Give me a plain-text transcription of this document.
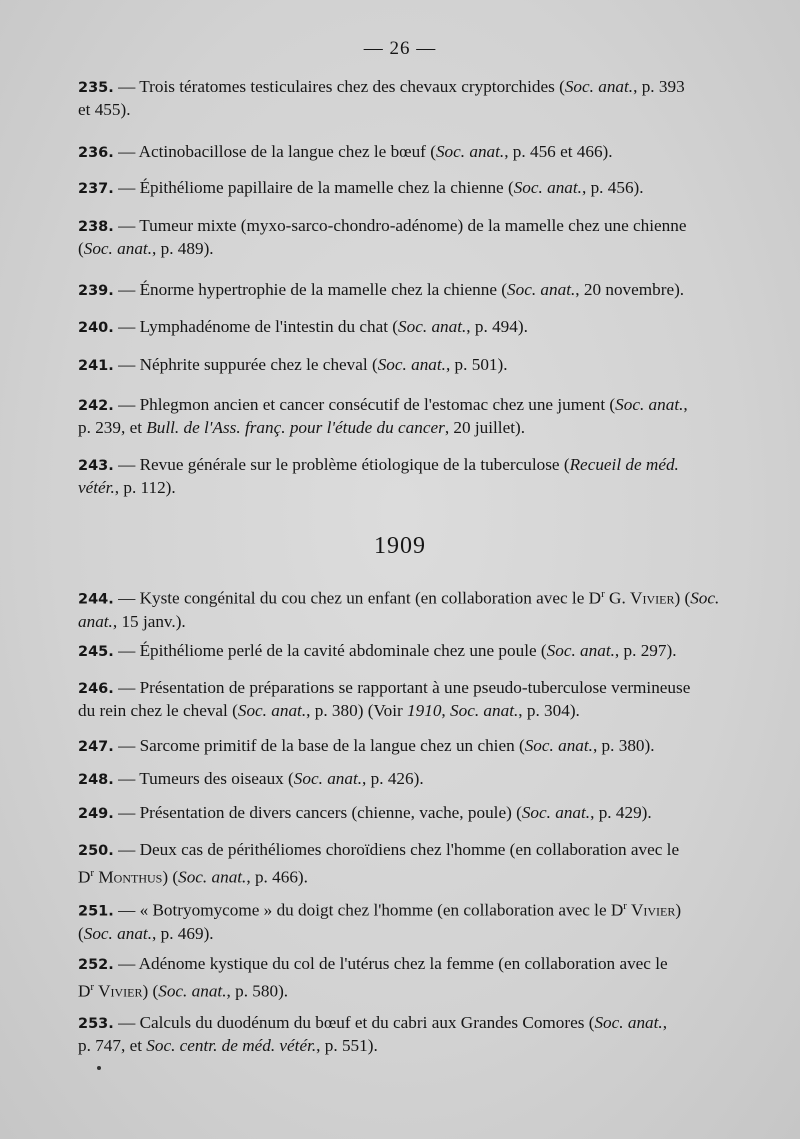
— 26 —
235. — Trois tératomes testiculaires chez des chevaux cryptorchides (Soc. anat., p. 393
et 455).
236. — Actinobacillose de la langue chez le bœuf (Soc. anat., p. 456 et 466).
237. — Épithéliome papillaire de la mamelle chez la chienne (Soc. anat., p. 456).
238. — Tumeur mixte (myxo-sarco-chondro-adénome) de la mamelle chez une chienne
(Soc. anat., p. 489).
239. — Énorme hypertrophie de la mamelle chez la chienne (Soc. anat., 20 novembre).
240. — Lymphadénome de l'intestin du chat (Soc. anat., p. 494).
241. — Néphrite suppurée chez le cheval (Soc. anat., p. 501).
242. — Phlegmon ancien et cancer consécutif de l'estomac chez une jument (Soc. anat.,
p. 239, et Bull. de l'Ass. franç. pour l'étude du cancer, 20 juillet).
243. — Revue générale sur le problème étiologique de la tuberculose (Recueil de méd.
vétér., p. 112).
244. — Kyste congénital du cou chez un enfant (en collaboration avec le $D^r$ G. Vivier) (Soc.
anat., 15 janv.).
245. — Épithéliome perlé de la cavité abdominale chez une poule (Soc. anat., p. 297).
246. — Présentation de préparations se rapportant à une pseudo-tuberculose vermineuse
du rein chez le cheval (Soc. anat., p. 380) (Voir 1910, Soc. anat., p. 304).
247. — Sarcome primitif de la base de la langue chez un chien (Soc. anat., p. 380).
248. — Tumeurs des oiseaux (Soc. anat., p. 426).
249. — Présentation de divers cancers (chienne, vache, poule) (Soc. anat., p. 429).
250. — Deux cas de périthéliomes choroïdiens chez l'homme (en collaboration avec le
$D^r$ Monthus) (Soc. anat., p. 466).
251. — « Botryomycome » du doigt chez l'homme (en collaboration avec le $D^r$ Vivier)
(Soc. anat., p. 469).
252. — Adénome kystique du col de l'utérus chez la femme (en collaboration avec le
$D^r$ Vivier) (Soc. anat., p. 580).
253. — Calculs du duodénum du bœuf et du cabri aux Grandes Comores (Soc. anat.,
p. 747, et Soc. centr. de méd. vétér., p. 551).
1909
